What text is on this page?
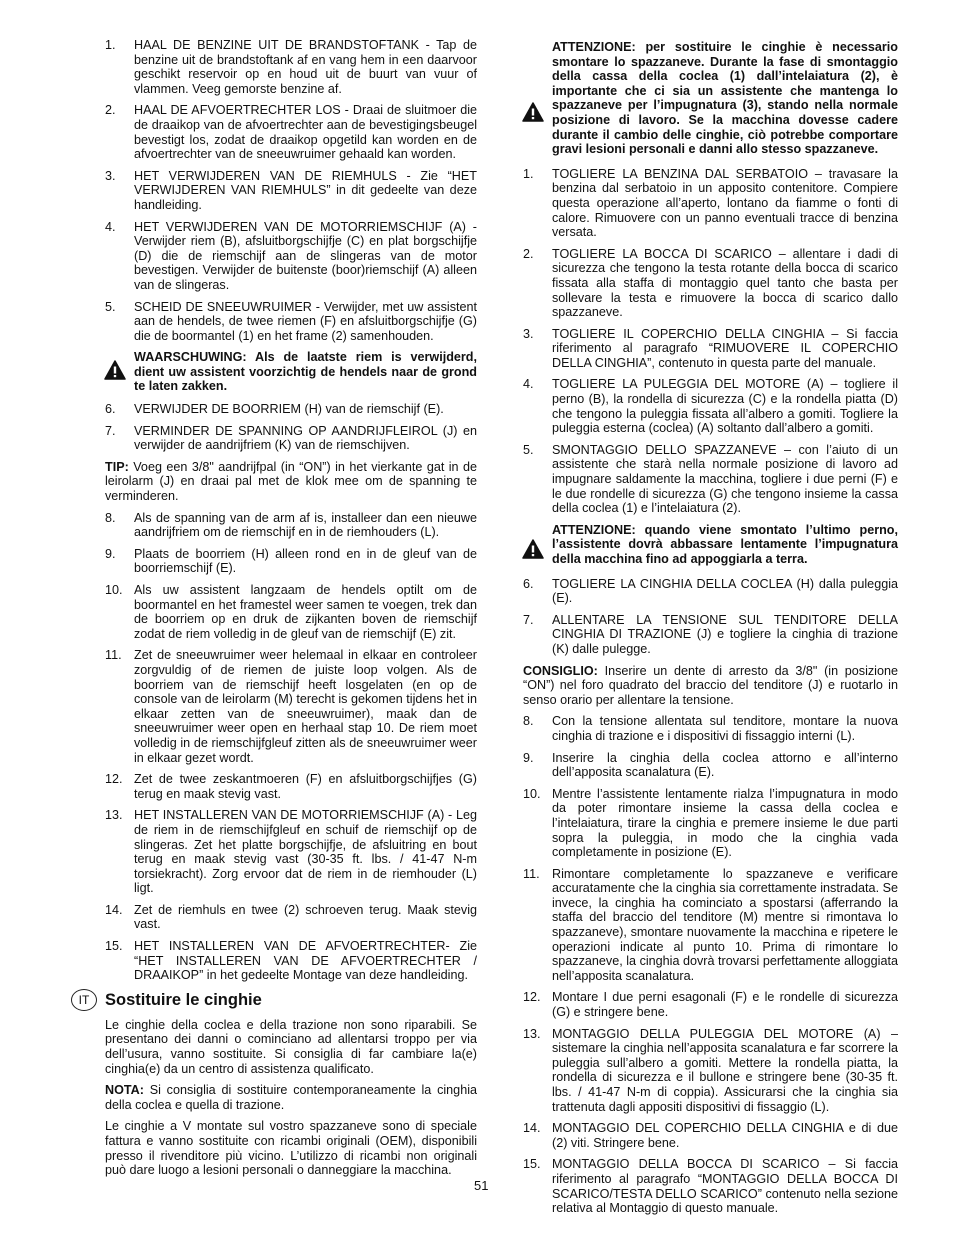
1. HAAL DE BENZINE UIT DE BRANDSTOFTANK - Tap de benzine uit de brandstoftank af en vang hem in een daarvoor geschikt reservoir op en houd uit de buurt van vuur of vlammen. Veeg gemorste benzine af.
2. HAAL DE AFVOERTRECHTER LOS - Draai de sluitmoer die de draaikop van de afvoertrechter aan de bevestigingsbeugel bevestigt los, zodat de draaikop opgetild kan worden en de afvoertrechter van de sneeuwruimer gehaald kan worden.
3. HET VERWIJDEREN VAN DE RIEMHULS - Zie “HET VERWIJDEREN VAN RIEMHULS” in dit gedeelte van deze handleiding.
4. HET VERWIJDEREN VAN DE MOTORRIEMSCHIJF (A) - Verwijder riem (B), afsluitborgschijfje (C) en plat borgschijfje (D) die de riemschijf aan de slingeras van de motor bevestigen. Verwijder de buitenste (boor)riemschijf (A) alleen van de slingeras.
5. SCHEID DE SNEEUWRUIMER - Verwijder, met uw assistent aan de hendels, de twee riemen (F) en afsluitborgschijfje (G) die de boormantel (1) en het frame (2) samenhouden.
WAARSCHUWING: Als de laatste riem is verwijderd, dient uw assistent voorzichtig de hendels naar de grond te laten zakken.
6. VERWIJDER DE BOORRIEM (H) van de riemschijf (E).
7. VERMINDER DE SPANNING OP AANDRIJFLEIROL (J) en verwijder de aandrijfriem (K) van de riemschijven.
TIP: Voeg een 3/8" aandrijfpal (in “ON”) in het vierkante gat in de leirolarm (J) en draai pal met de klok mee om de spanning te verminderen.
8. Als de spanning van de arm af is, installeer dan een nieuwe aandrijfriem om de riemschijf en in de riemhouders (L).
9. Plaats de boorriem (H) alleen rond en in de gleuf van de boorriemschijf (E).
10. Als uw assistent langzaam de hendels optilt om de boormantel en het framestel weer samen te voegen, trek dan de boorriem op en druk de zijkanten boven de riemschijf zodat de riem volledig in de gleuf van de riemschijf (E) zit.
11. Zet de sneeuwruimer weer helemaal in elkaar en controleer zorgvuldig of de riemen de juiste loop volgen. Als de boorriem van de riemschijf heeft losgelaten (en op de console van de leirolarm (M) terecht is gekomen tijdens het in elkaar zetten van de sneeuwruimer), maak dan de sneeuwruimer weer open en herhaal stap 10. De riem moet volledig in de riemschijfgleuf zitten als de sneeuwruimer weer in elkaar gezet wordt.
12. Zet de twee zeskantmoeren (F) en afsluitborgschijfjes (G) terug en maak stevig vast.
13. HET INSTALLEREN VAN DE MOTORRIEMSCHIJF (A) - Leg de riem in de riemschijfgleuf en schuif de riemschijf op de slingeras. Zet het platte borgschijfje, de afsluitring en bout terug en maak stevig vast (30-35 ft. lbs. / 41-47 N-m torsiekracht). Zorg ervoor dat de riem in de riemhouder (L) ligt.
14. Zet de riemhuls en twee (2) schroeven terug. Maak stevig vast.
15. HET INSTALLEREN VAN DE AFVOERTRECHTER- Zie “HET INSTALLEREN VAN DE AFVOERTRECHTER / DRAAIKOP” in het gedeelte Montage van deze handleiding.
IT Sostituire le cinghie
Le cinghie della coclea e della trazione non sono riparabili. Se presentano dei danni o cominciano ad allentarsi troppo per via dell’usura, vanno sostituite. Si consiglia di far cambiare la(e) cinghia(e) da un centro di assistenza qualificato.
NOTA: Si consiglia di sostituire contemporaneamente la cinghia della coclea e quella di trazione.
Le cinghie a V montate sul vostro spazzaneve sono di speciale fattura e vanno sostituite con ricambi originali (OEM), disponibili presso il rivenditore più vicino. L’utilizzo di ricambi non originali può dare luogo a lesioni personali o danneggiare la macchina.
ATTENZIONE: per sostituire le cinghie è necessario smontare lo spazzaneve. Durante la fase di smontaggio della cassa della coclea (1) dall’intelaiatura (2), è importante che ci sia un assistente che mantenga lo spazzaneve per l’impugnatura (3), stando nella normale posizione di lavoro. Se la macchina dovesse cadere durante il cambio delle cinghie, ciò potrebbe comportare gravi lesioni personali e danni allo stesso spazzaneve.
1. TOGLIERE LA BENZINA DAL SERBATOIO – travasare la benzina dal serbatoio in un apposito contenitore. Compiere questa operazione all’aperto, lontano da fiamme o fonti di calore. Rimuovere con un panno eventuali tracce di benzina versata.
2. TOGLIERE LA BOCCA DI SCARICO – allentare i dadi di sicurezza che tengono la testa rotante della bocca di scarico fissata alla staffa di montaggio quel tanto che basta per sollevare la testa e rimuovere la bocca di scarico dallo spazzaneve.
3. TOGLIERE IL COPERCHIO DELLA CINGHIA – Si faccia riferimento al paragrafo “RIMUOVERE IL COPERCHIO DELLA CINGHIA”, contenuto in questa parte del manuale.
4. TOGLIERE LA PULEGGIA DEL MOTORE (A) – togliere il perno (B), la rondella di sicurezza (C) e la rondella piatta (D) che tengono la puleggia fissata all’albero a gomiti. Togliere la puleggia esterna (coclea) (A) soltanto dall’albero a gomiti.
5. SMONTAGGIO DELLO SPAZZANEVE – con l’aiuto di un assistente che starà nella normale posizione di lavoro ad impugnare saldamente la macchina, togliere i due perni (F) e le due rondelle di sicurezza (G) che tengono insieme la cassa della coclea (1) e l’intelaiatura (2).
ATTENZIONE: quando viene smontato l’ultimo perno, l’assistente dovrà abbassare lentamente l’impugnatura della macchina fino ad appoggiarla a terra.
6. TOGLIERE LA CINGHIA DELLA COCLEA (H) dalla puleggia (E).
7. ALLENTARE LA TENSIONE SUL TENDITORE DELLA CINGHIA DI TRAZIONE (J) e togliere la cinghia di trazione (K) dalle pulegge.
CONSIGLIO: Inserire un dente di arresto da 3/8" (in posizione “ON”) nel foro quadrato del braccio del tenditore (J) e ruotarlo in senso orario per allentare la tensione.
8. Con la tensione allentata sul tenditore, montare la nuova cinghia di trazione e i dispositivi di fissaggio interni (L).
9. Inserire la cinghia della coclea attorno e all’interno dell’apposita scanalatura (E).
10. Mentre l’assistente lentamente rialza l’impugnatura in modo da poter rimontare insieme la cassa della coclea e l’intelaiatura, tirare la cinghia e premere insieme le due parti sopra la puleggia, in modo che la cinghia vada completamente in posizione (E).
11. Rimontare completamente lo spazzaneve e verificare accuratamente che la cinghia sia correttamente instradata. Se invece, la cinghia ha cominciato a spostarsi (afferrando la staffa del braccio del tenditore (M) mentre si rimontava lo spazzaneve), smontare nuovamente la macchina e ripetere le operazioni indicate al punto 10. Prima di rimontare lo spazzaneve, la cinghia dovrà trovarsi perfettamente alloggiata nell’apposita scanalatura.
12. Montare I due perni esagonali (F) e le rondelle di sicurezza (G) e stringere bene.
13. MONTAGGIO DELLA PULEGGIA DEL MOTORE (A) – sistemare la cinghia nell’apposita scanalatura e far scorrere la puleggia sull’albero a gomiti. Mettere la rondella piatta, la rondella di sicurezza e il bullone e stringere bene (30-35 ft. lbs. / 41-47 N-m di coppia). Assicurarsi che la cinghia sia trattenuta dagli appositi dispositivi di fissaggio (L).
14. MONTAGGIO DEL COPERCHIO DELLA CINGHIA e di due (2) viti. Stringere bene.
15. MONTAGGIO DELLA BOCCA DI SCARICO – Si faccia riferimento al paragrafo “MONTAGGIO DELLA BOCCA DI SCARICO/TESTA DELLO SCARICO” contenuto nella sezione relativa al Montaggio di questo manuale.
51
